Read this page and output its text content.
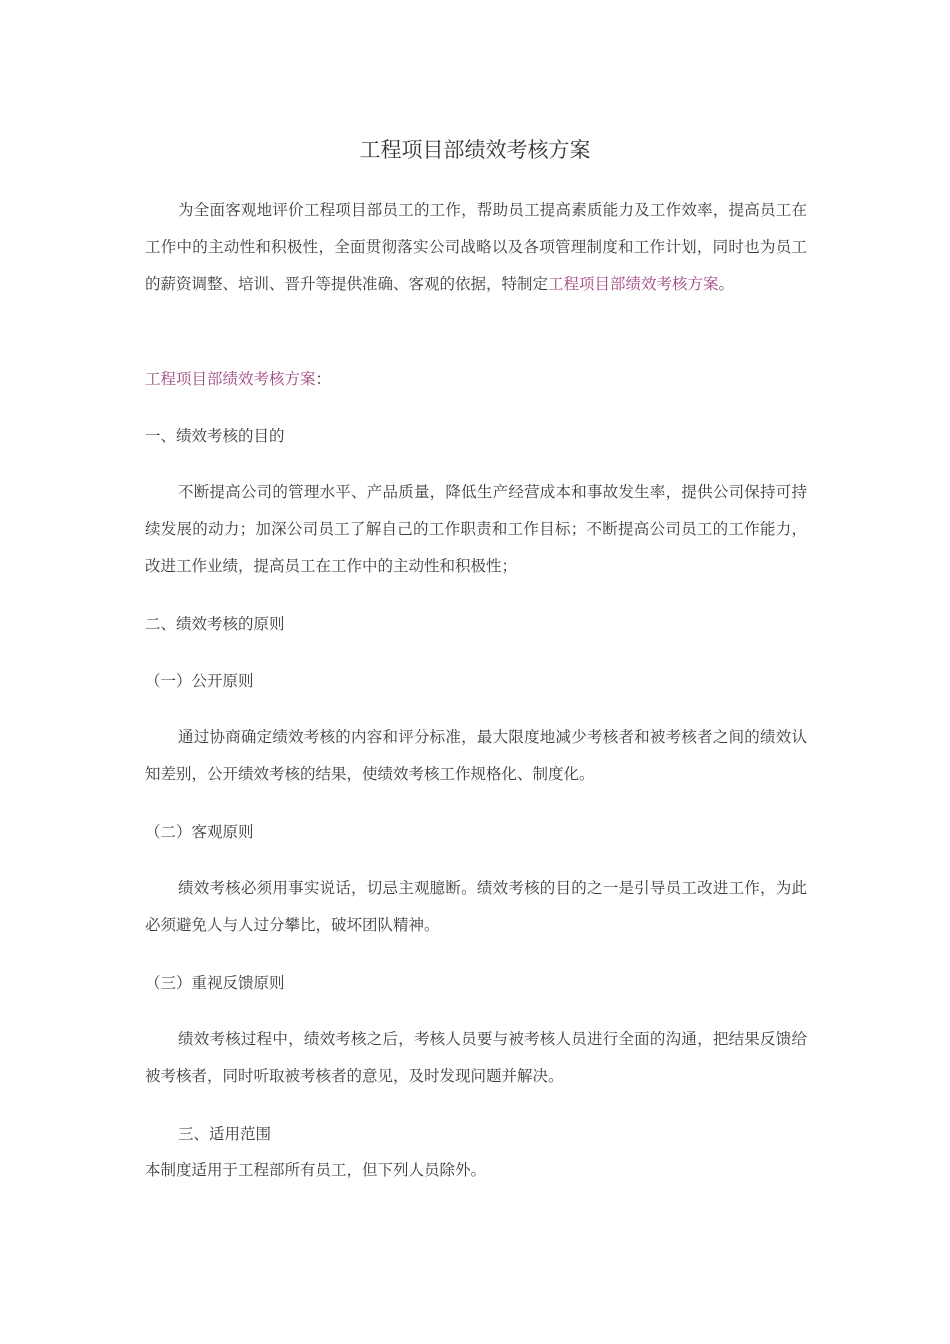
工程项目部绩效考核方案

为全面客观地评价工程项目部员工的工作，帮助员工提高素质能力及工作效率，提高员工在工作中的主动性和积极性，全面贯彻落实公司战略以及各项管理制度和工作计划，同时也为员工的薪资调整、培训、晋升等提供准确、客观的依据，特制定工程项目部绩效考核方案。

工程项目部绩效考核方案：

一、绩效考核的目的

不断提高公司的管理水平、产品质量，降低生产经营成本和事故发生率，提供公司保持可持续发展的动力；加深公司员工了解自己的工作职责和工作目标；不断提高公司员工的工作能力，改进工作业绩，提高员工在工作中的主动性和积极性；

二、绩效考核的原则

（一）公开原则

通过协商确定绩效考核的内容和评分标准，最大限度地减少考核者和被考核者之间的绩效认知差别，公开绩效考核的结果，使绩效考核工作规格化、制度化。

（二）客观原则

绩效考核必须用事实说话，切忌主观臆断。绩效考核的目的之一是引导员工改进工作，为此必须避免人与人过分攀比，破坏团队精神。

（三）重视反馈原则

绩效考核过程中，绩效考核之后，考核人员要与被考核人员进行全面的沟通，把结果反馈给被考核者，同时听取被考核者的意见，及时发现问题并解决。

三、适用范围

本制度适用于工程部所有员工，但下列人员除外。
